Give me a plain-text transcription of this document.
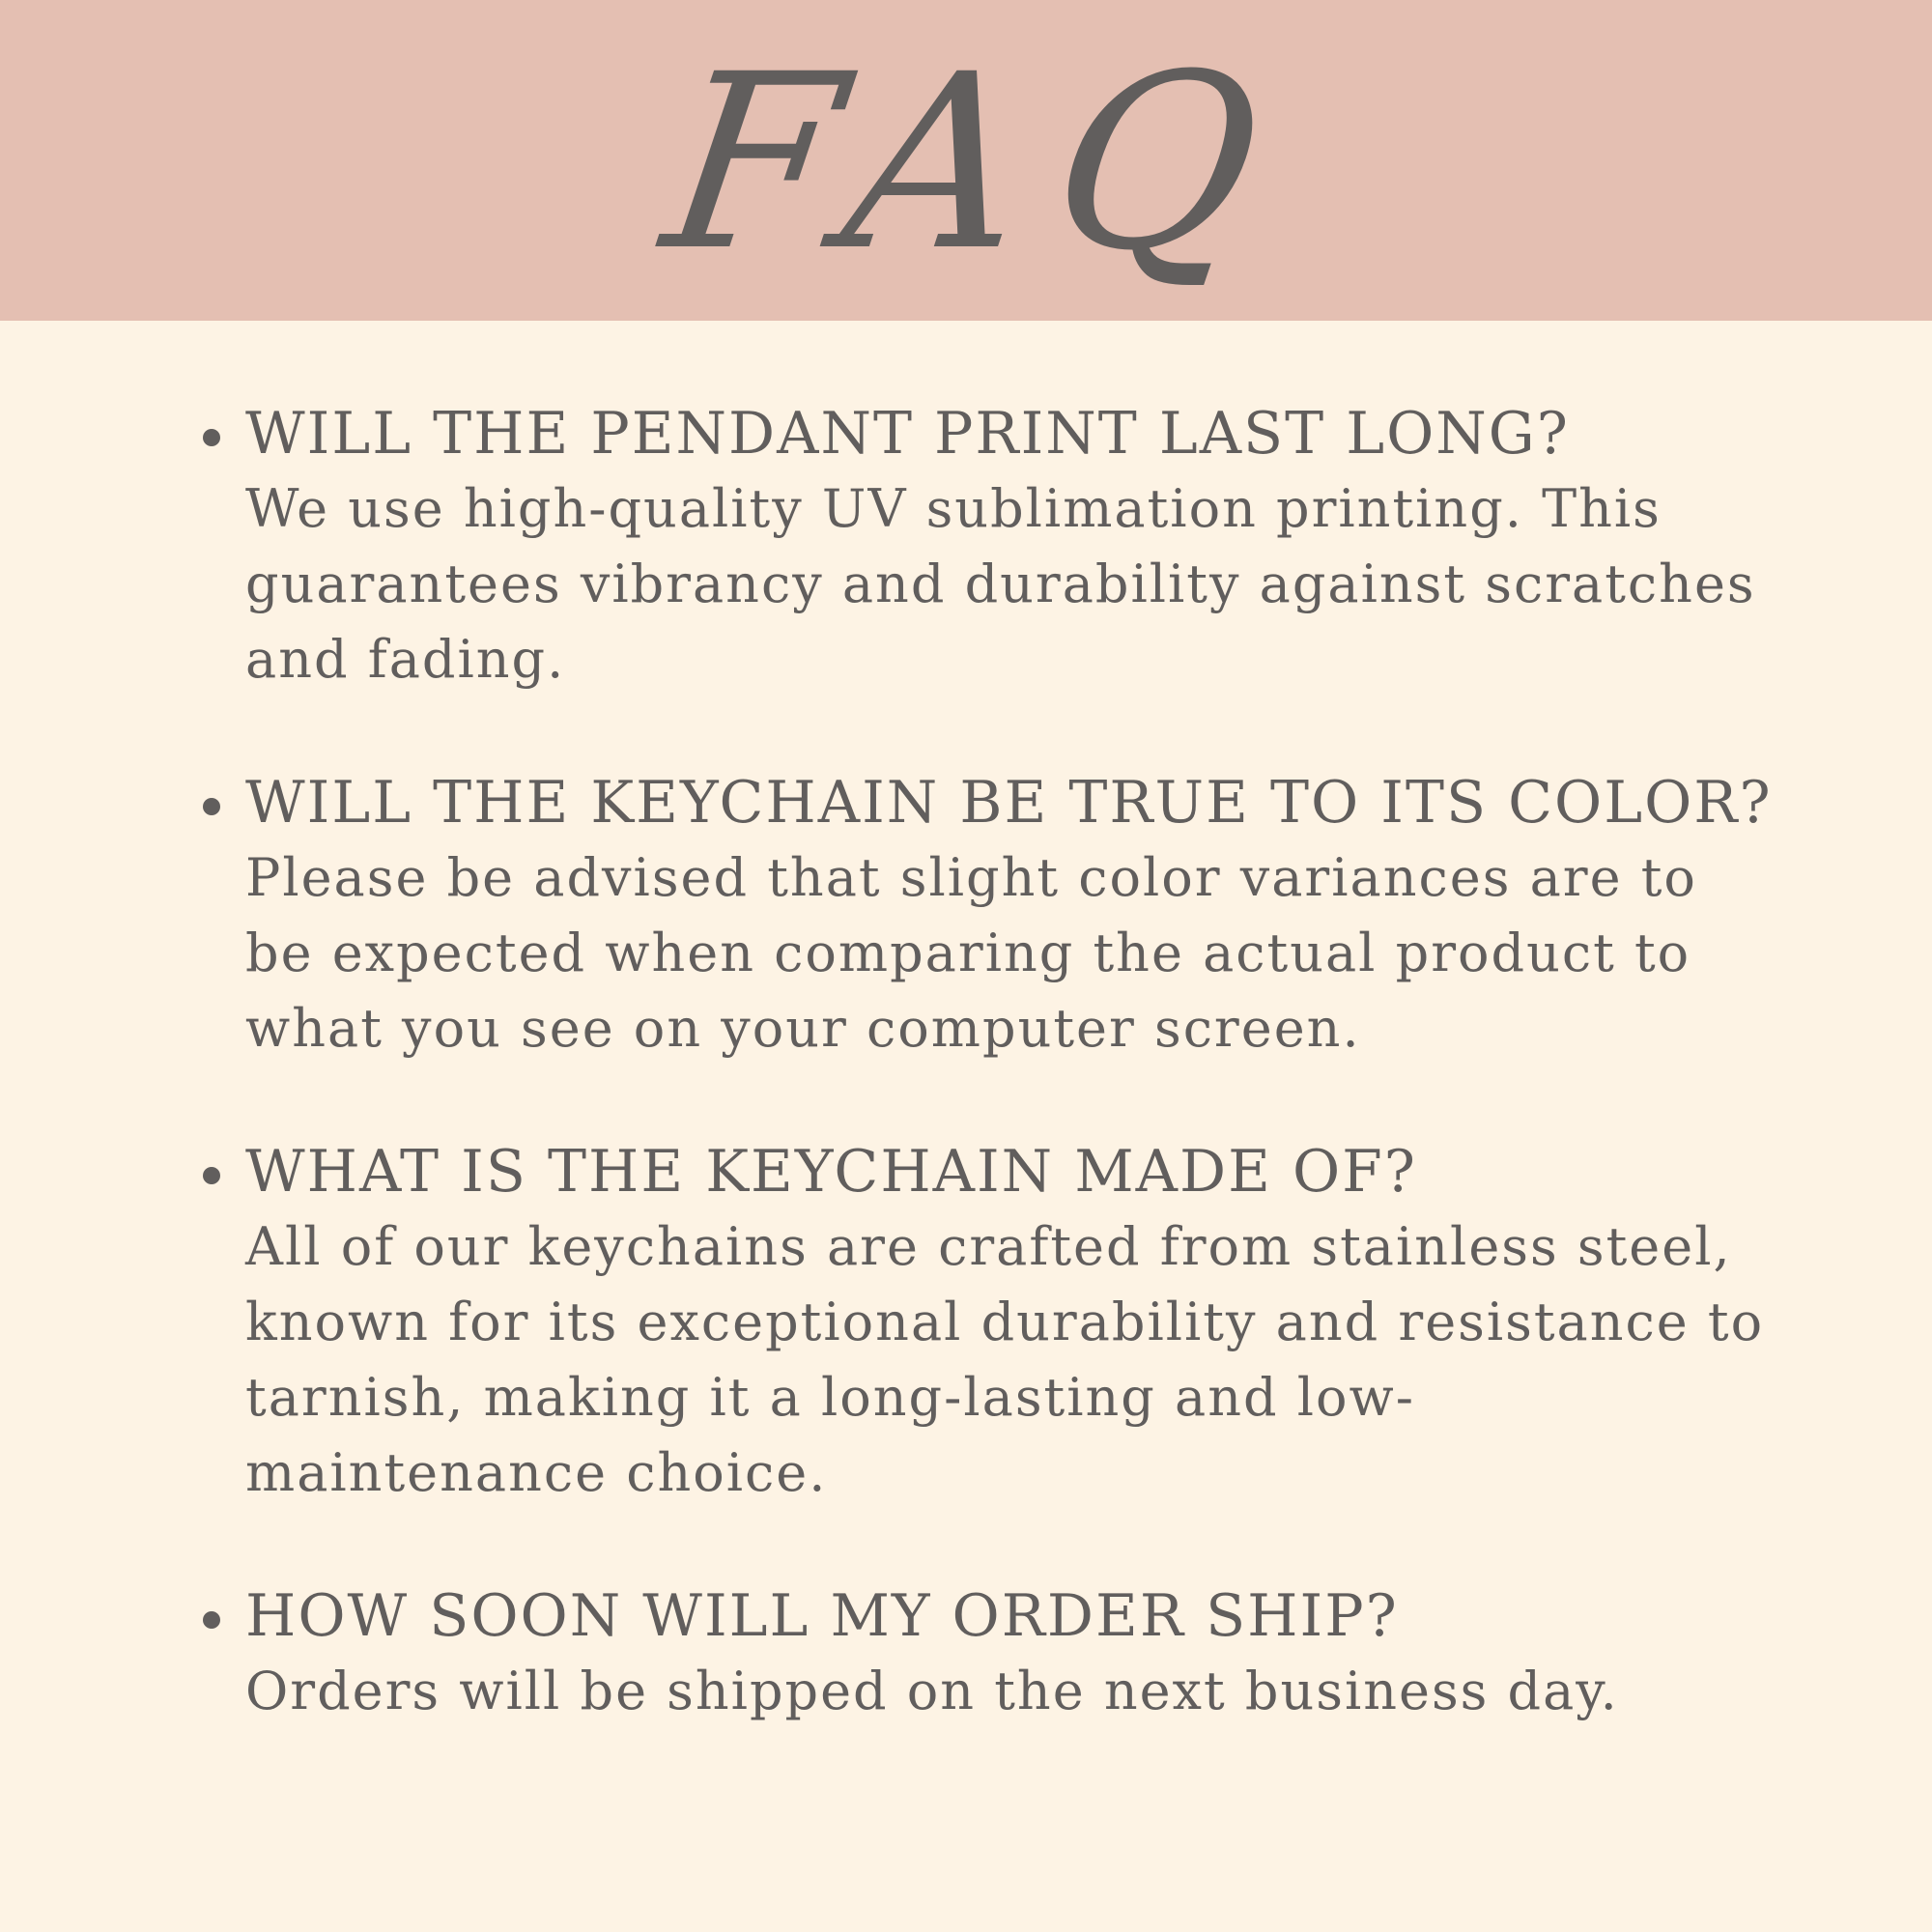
FAQ
WILL THE PENDANT PRINT LAST LONG?
We use high-quality UV sublimation printing. This guarantees vibrancy and durability against scratches and fading.
WILL THE KEYCHAIN BE TRUE TO ITS COLOR?
Please be advised that slight color variances are to be expected when comparing the actual product to what you see on your computer screen.
WHAT IS THE KEYCHAIN MADE OF?
All of our keychains are crafted from stainless steel, known for its exceptional durability and resistance to tarnish, making it a long-lasting and low-maintenance choice.
HOW SOON WILL MY ORDER SHIP?
Orders will be shipped on the next business day.
